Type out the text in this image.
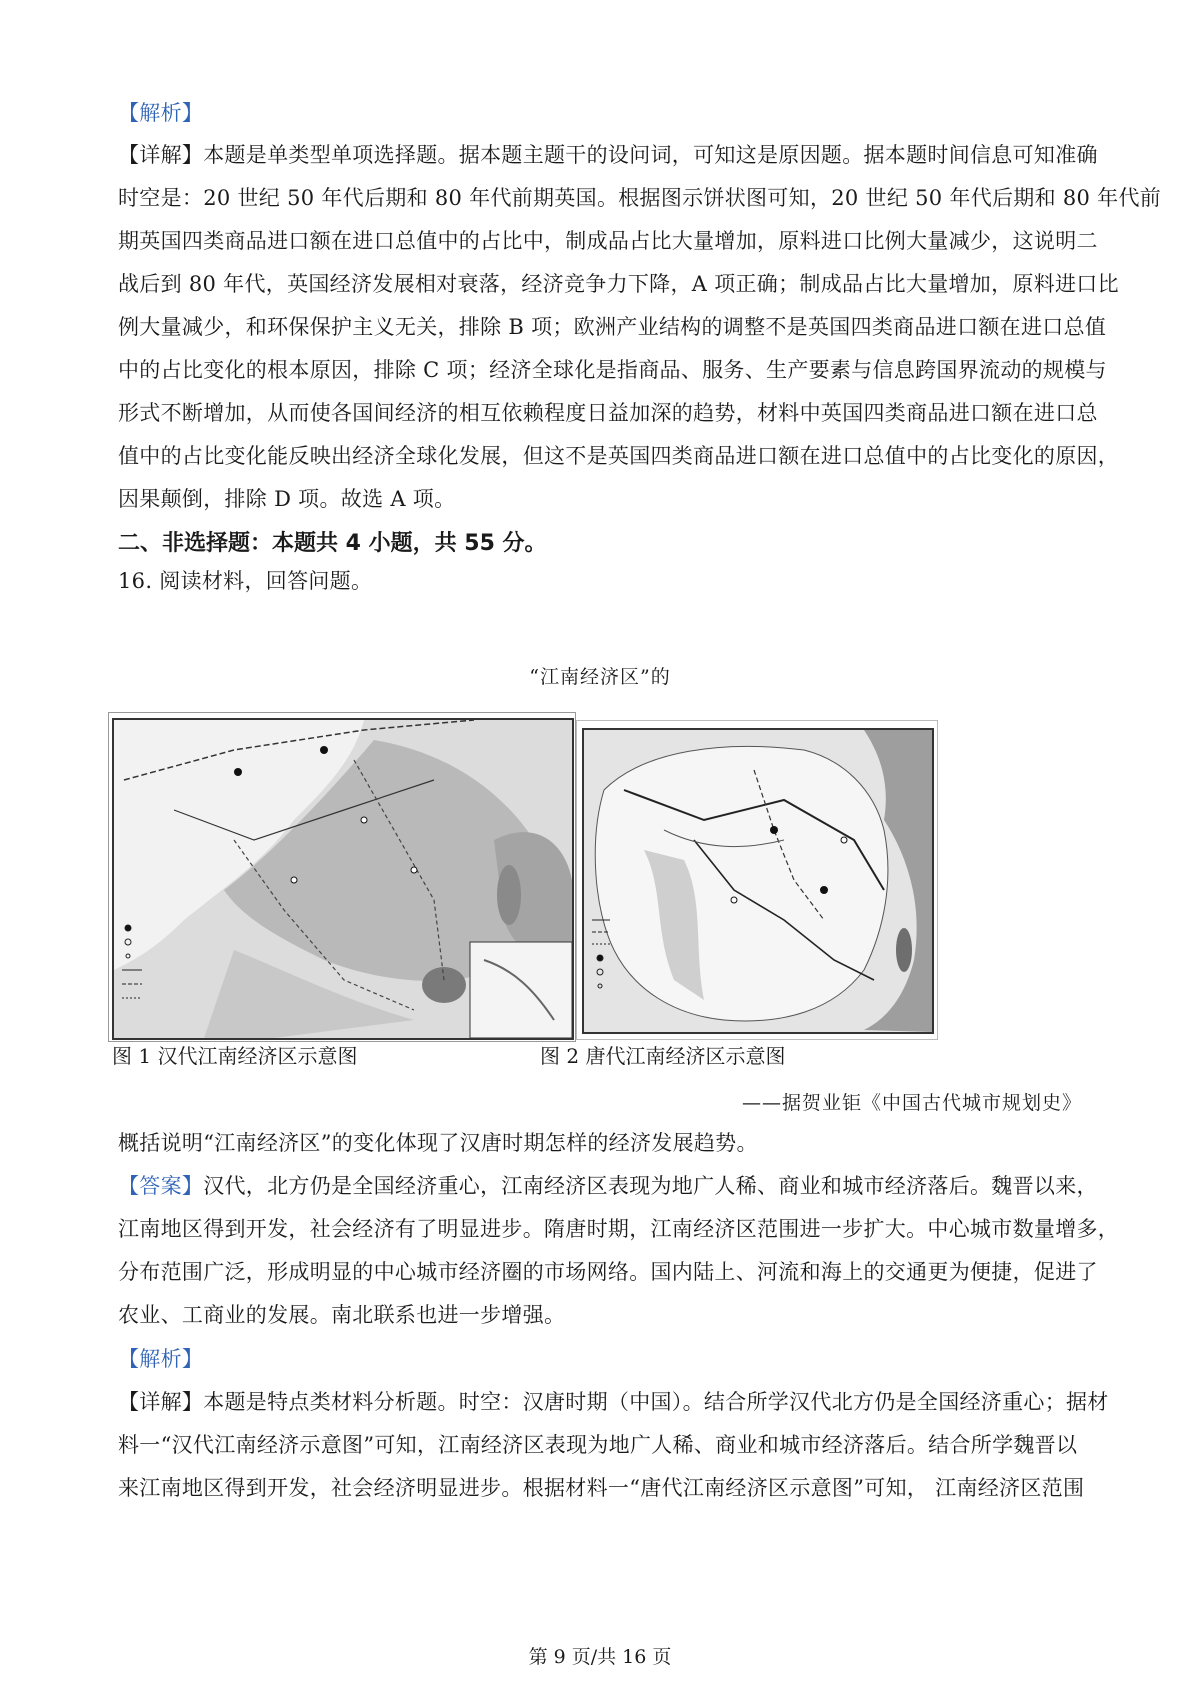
【解析】
【详解】本题是单类型单项选择题。据本题主题干的设问词，可知这是原因题。据本题时间信息可知准确
时空是：20 世纪 50 年代后期和 80 年代前期英国。根据图示饼状图可知，20 世纪 50 年代后期和 80 年代前
期英国四类商品进口额在进口总值中的占比中，制成品占比大量增加，原料进口比例大量减少，这说明二
战后到 80 年代，英国经济发展相对衰落，经济竞争力下降，A 项正确；制成品占比大量增加，原料进口比
例大量减少，和环保保护主义无关，排除 B 项；欧洲产业结构的调整不是英国四类商品进口额在进口总值
中的占比变化的根本原因，排除 C 项；经济全球化是指商品、服务、生产要素与信息跨国界流动的规模与
形式不断增加，从而使各国间经济的相互依赖程度日益加深的趋势，材料中英国四类商品进口额在进口总
值中的占比变化能反映出经济全球化发展，但这不是英国四类商品进口额在进口总值中的占比变化的原因，
因果颠倒，排除 D 项。故选 A 项。
二、非选择题：本题共 4 小题，共 55 分。
16. 阅读材料，回答问题。
“江南经济区”的
图 1 汉代江南经济区示意图	图 2 唐代江南经济区示意图
——据贺业钜《中国古代城市规划史》
概括说明“江南经济区”的变化体现了汉唐时期怎样的经济发展趋势。
【答案】汉代，北方仍是全国经济重心，江南经济区表现为地广人稀、商业和城市经济落后。魏晋以来，
江南地区得到开发，社会经济有了明显进步。隋唐时期，江南经济区范围进一步扩大。中心城市数量增多，
分布范围广泛，形成明显的中心城市经济圈的市场网络。国内陆上、河流和海上的交通更为便捷，促进了
农业、工商业的发展。南北联系也进一步增强。
【解析】
【详解】本题是特点类材料分析题。时空：汉唐时期（中国）。结合所学汉代北方仍是全国经济重心；据材
料一“汉代江南经济示意图”可知，江南经济区表现为地广人稀、商业和城市经济落后。结合所学魏晋以
来江南地区得到开发，社会经济明显进步。根据材料一“唐代江南经济区示意图”可知， 江南经济区范围
第 9 页/共 16 页
